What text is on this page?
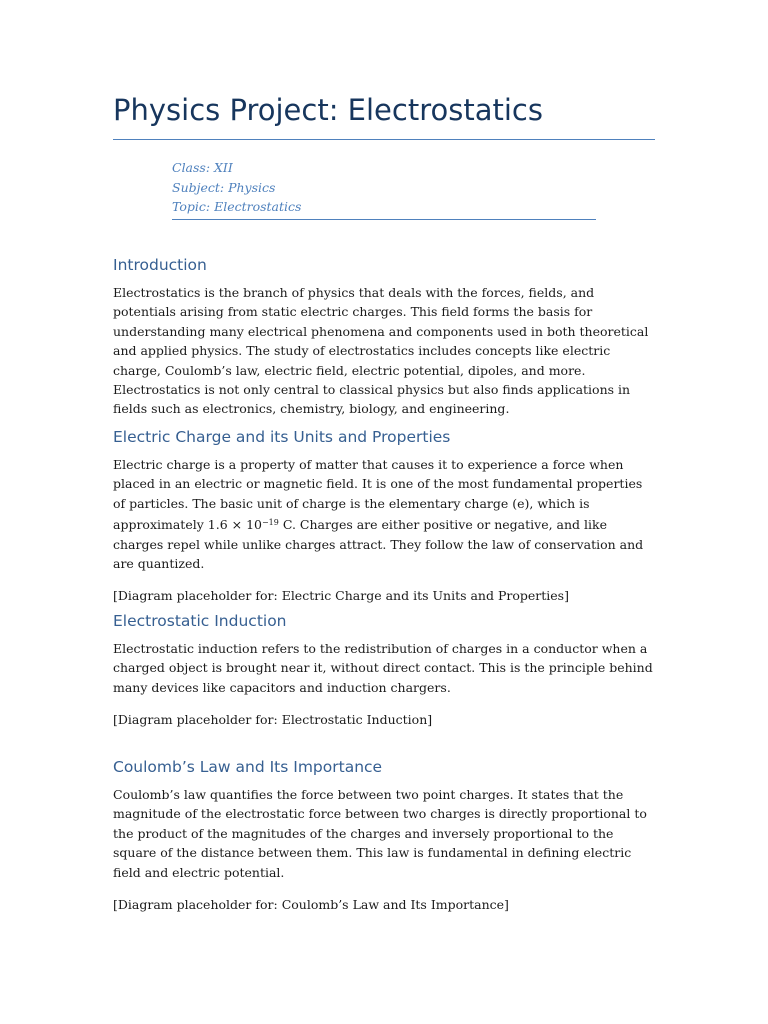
Physics Project: Electrostatics
Class: XII
Subject: Physics
Topic: Electrostatics
Introduction

Electrostatics is the branch of physics that deals with the forces, fields, and potentials arising from static electric charges. This field forms the basis for understanding many electrical phenomena and components used in both theoretical and applied physics. The study of electrostatics includes concepts like electric charge, Coulomb’s law, electric field, electric potential, dipoles, and more. Electrostatics is not only central to classical physics but also finds applications in fields such as electronics, chemistry, biology, and engineering.

Electric Charge and its Units and Properties

Electric charge is a property of matter that causes it to experience a force when placed in an electric or magnetic field. It is one of the most fundamental properties of particles. The basic unit of charge is the elementary charge (e), which is approximately $1.6 \times 10^{-19}$ C. Charges are either positive or negative, and like charges repel while unlike charges attract. They follow the law of conservation and are quantized.

[Diagram placeholder for: Electric Charge and its Units and Properties]

Electrostatic Induction

Electrostatic induction refers to the redistribution of charges in a conductor when a charged object is brought near it, without direct contact. This is the principle behind many devices like capacitors and induction chargers.

[Diagram placeholder for: Electrostatic Induction]

Coulomb’s Law and Its Importance

Coulomb’s law quantifies the force between two point charges. It states that the magnitude of the electrostatic force between two charges is directly proportional to the product of the magnitudes of the charges and inversely proportional to the square of the distance between them. This law is fundamental in defining electric field and electric potential.

[Diagram placeholder for: Coulomb’s Law and Its Importance]
